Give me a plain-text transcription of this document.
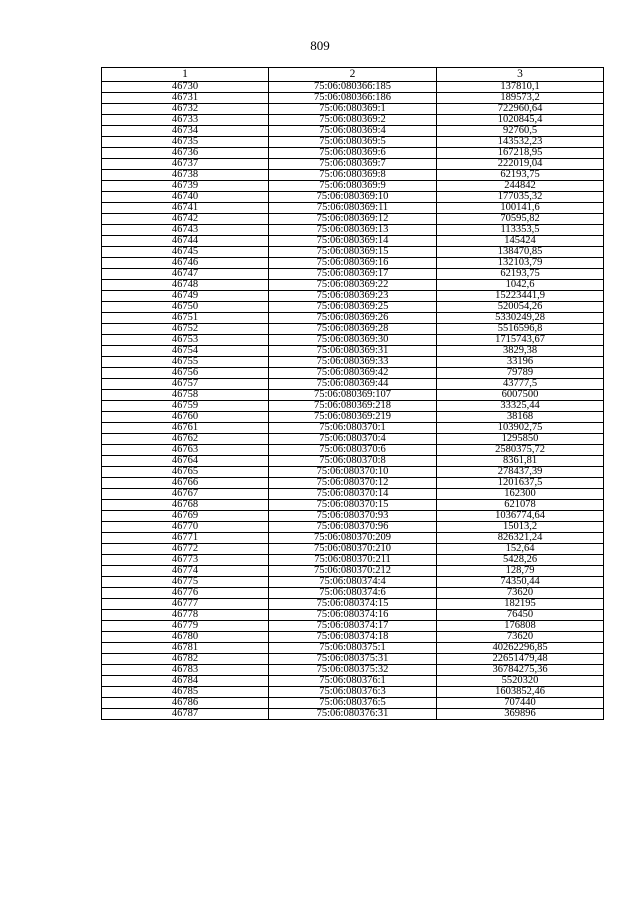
809
1	2	3
46730	75:06:080366:185	137810,1
46731	75:06:080366:186	189573,2
46732	75:06:080369:1	722960,64
46733	75:06:080369:2	1020845,4
46734	75:06:080369:4	92760,5
46735	75:06:080369:5	143532,23
46736	75:06:080369:6	167218,95
46737	75:06:080369:7	222019,04
46738	75:06:080369:8	62193,75
46739	75:06:080369:9	244842
46740	75:06:080369:10	177035,32
46741	75:06:080369:11	100141,6
46742	75:06:080369:12	70595,82
46743	75:06:080369:13	113353,5
46744	75:06:080369:14	145424
46745	75:06:080369:15	138470,85
46746	75:06:080369:16	132103,79
46747	75:06:080369:17	62193,75
46748	75:06:080369:22	1042,6
46749	75:06:080369:23	15223441,9
46750	75:06:080369:25	520054,26
46751	75:06:080369:26	5330249,28
46752	75:06:080369:28	5516596,8
46753	75:06:080369:30	1715743,67
46754	75:06:080369:31	3829,38
46755	75:06:080369:33	33196
46756	75:06:080369:42	79789
46757	75:06:080369:44	43777,5
46758	75:06:080369:107	6007500
46759	75:06:080369:218	33325,44
46760	75:06:080369:219	38168
46761	75:06:080370:1	103902,75
46762	75:06:080370:4	1295850
46763	75:06:080370:6	2580375,72
46764	75:06:080370:8	8361,81
46765	75:06:080370:10	278437,39
46766	75:06:080370:12	1201637,5
46767	75:06:080370:14	162300
46768	75:06:080370:15	621078
46769	75:06:080370:93	1036774,64
46770	75:06:080370:96	15013,2
46771	75:06:080370:209	826321,24
46772	75:06:080370:210	152,64
46773	75:06:080370:211	5428,26
46774	75:06:080370:212	128,79
46775	75:06:080374:4	74350,44
46776	75:06:080374:6	73620
46777	75:06:080374:15	182195
46778	75:06:080374:16	76450
46779	75:06:080374:17	176808
46780	75:06:080374:18	73620
46781	75:06:080375:1	40262296,85
46782	75:06:080375:31	22651479,48
46783	75:06:080375:32	36784275,36
46784	75:06:080376:1	5520320
46785	75:06:080376:3	1603852,46
46786	75:06:080376:5	707440
46787	75:06:080376:31	369896
